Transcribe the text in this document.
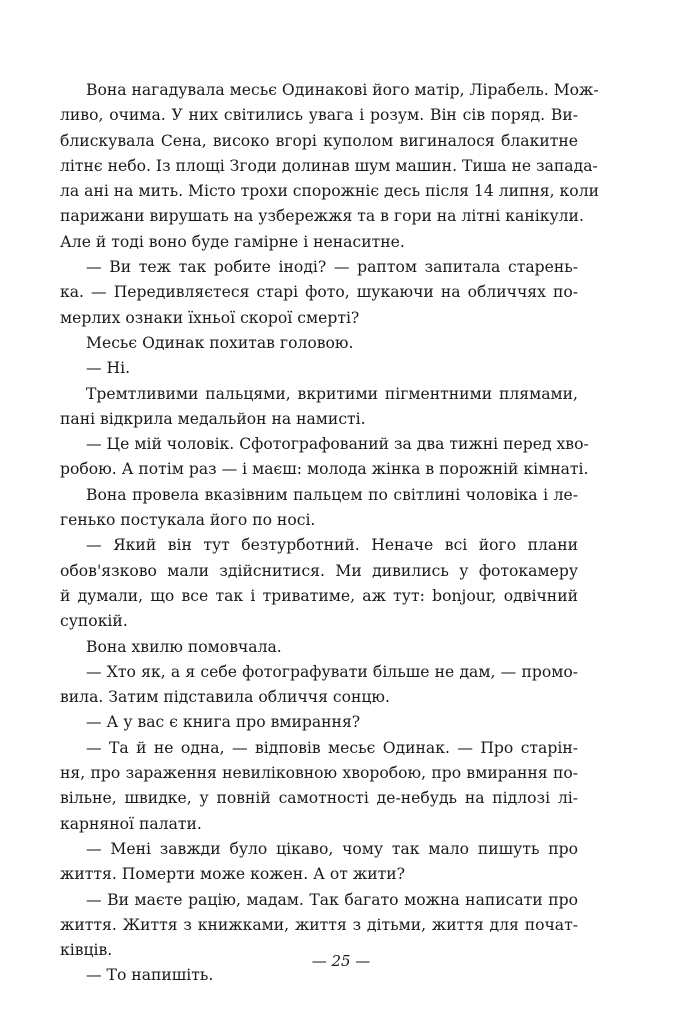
Вона нагадувала месьє Одинакові його матір, Лірабель. Мож-
ливо, очима. У них світились увага і розум. Він сів поряд. Ви-
блискувала Сена, високо вгорі куполом вигиналося блакитне
літнє небо. Із площі Згоди долинав шум машин. Тиша не запада-
ла ані на мить. Місто трохи спорожніє десь після 14 липня, коли
парижани вирушать на узбережжя та в гори на літні канікули.
Але й тоді воно буде гамірне і ненаситне.
— Ви теж так робите іноді? — раптом запитала старень-
ка. — Передивляєтеся старі фото, шукаючи на обличчях по-
мерлих ознаки їхньої скорої смерті?
Месьє Одинак похитав головою.
— Ні.
Тремтливими пальцями, вкритими пігментними плямами,
пані відкрила медальйон на намисті.
— Це мій чоловік. Сфотографований за два тижні перед хво-
робою. А потім раз — і маєш: молода жінка в порожній кімнаті.
Вона провела вказівним пальцем по світлині чоловіка і ле-
генько постукала його по носі.
— Який він тут безтурботний. Неначе всі його плани
обов'язково мали здійснитися. Ми дивились у фотокамеру
й думали, що все так і триватиме, аж тут: bonjour, одвічний
супокій.
Вона хвилю помовчала.
— Хто як, а я себе фотографувати більше не дам, — промо-
вила. Затим підставила обличчя сонцю.
— А у вас є книга про вмирання?
— Та й не одна, — відповів месьє Одинак. — Про старін-
ня, про зараження невиліковною хворобою, про вмирання по-
вільне, швидке, у повній самотності де-небудь на підлозі лі-
карняної палати.
— Мені завжди було цікаво, чому так мало пишуть про
життя. Померти може кожен. А от жити?
— Ви маєте рацію, мадам. Так багато можна написати про
життя. Життя з книжками, життя з дітьми, життя для почат-
ківців.
— То напишіть.
— 25 —
